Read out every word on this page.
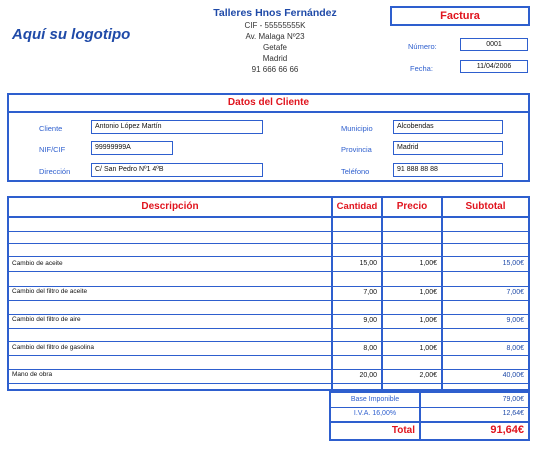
Aquí su logotipo
Talleres Hnos Fernández
CIF - 55555555K
Av. Malaga Nº23
Getafe
Madrid
91 666 66 66
Factura
Número:	0001
Fecha:	11/04/2006
Datos del Cliente
Cliente	Antonio López Martín
NIF/CIF	99999999A
Dirección	C/ San Pedro Nº1 4ºB
Municipio	Alcobendas
Provincia	Madrid
Teléfono	91 888 88 88
Descripción	Cantidad	Precio	Subtotal
Cambio de aceite	15,00	1,00€	15,00€
Cambio del filtro de aceite	7,00	1,00€	7,00€
Cambio del filtro de aire	9,00	1,00€	9,00€
Cambio del filtro de gasolina	8,00	1,00€	8,00€
Mano de obra	20,00	2,00€	40,00€
Base Imponible	79,00€
I.V.A. 16,00%	12,64€
Total	91,64€
